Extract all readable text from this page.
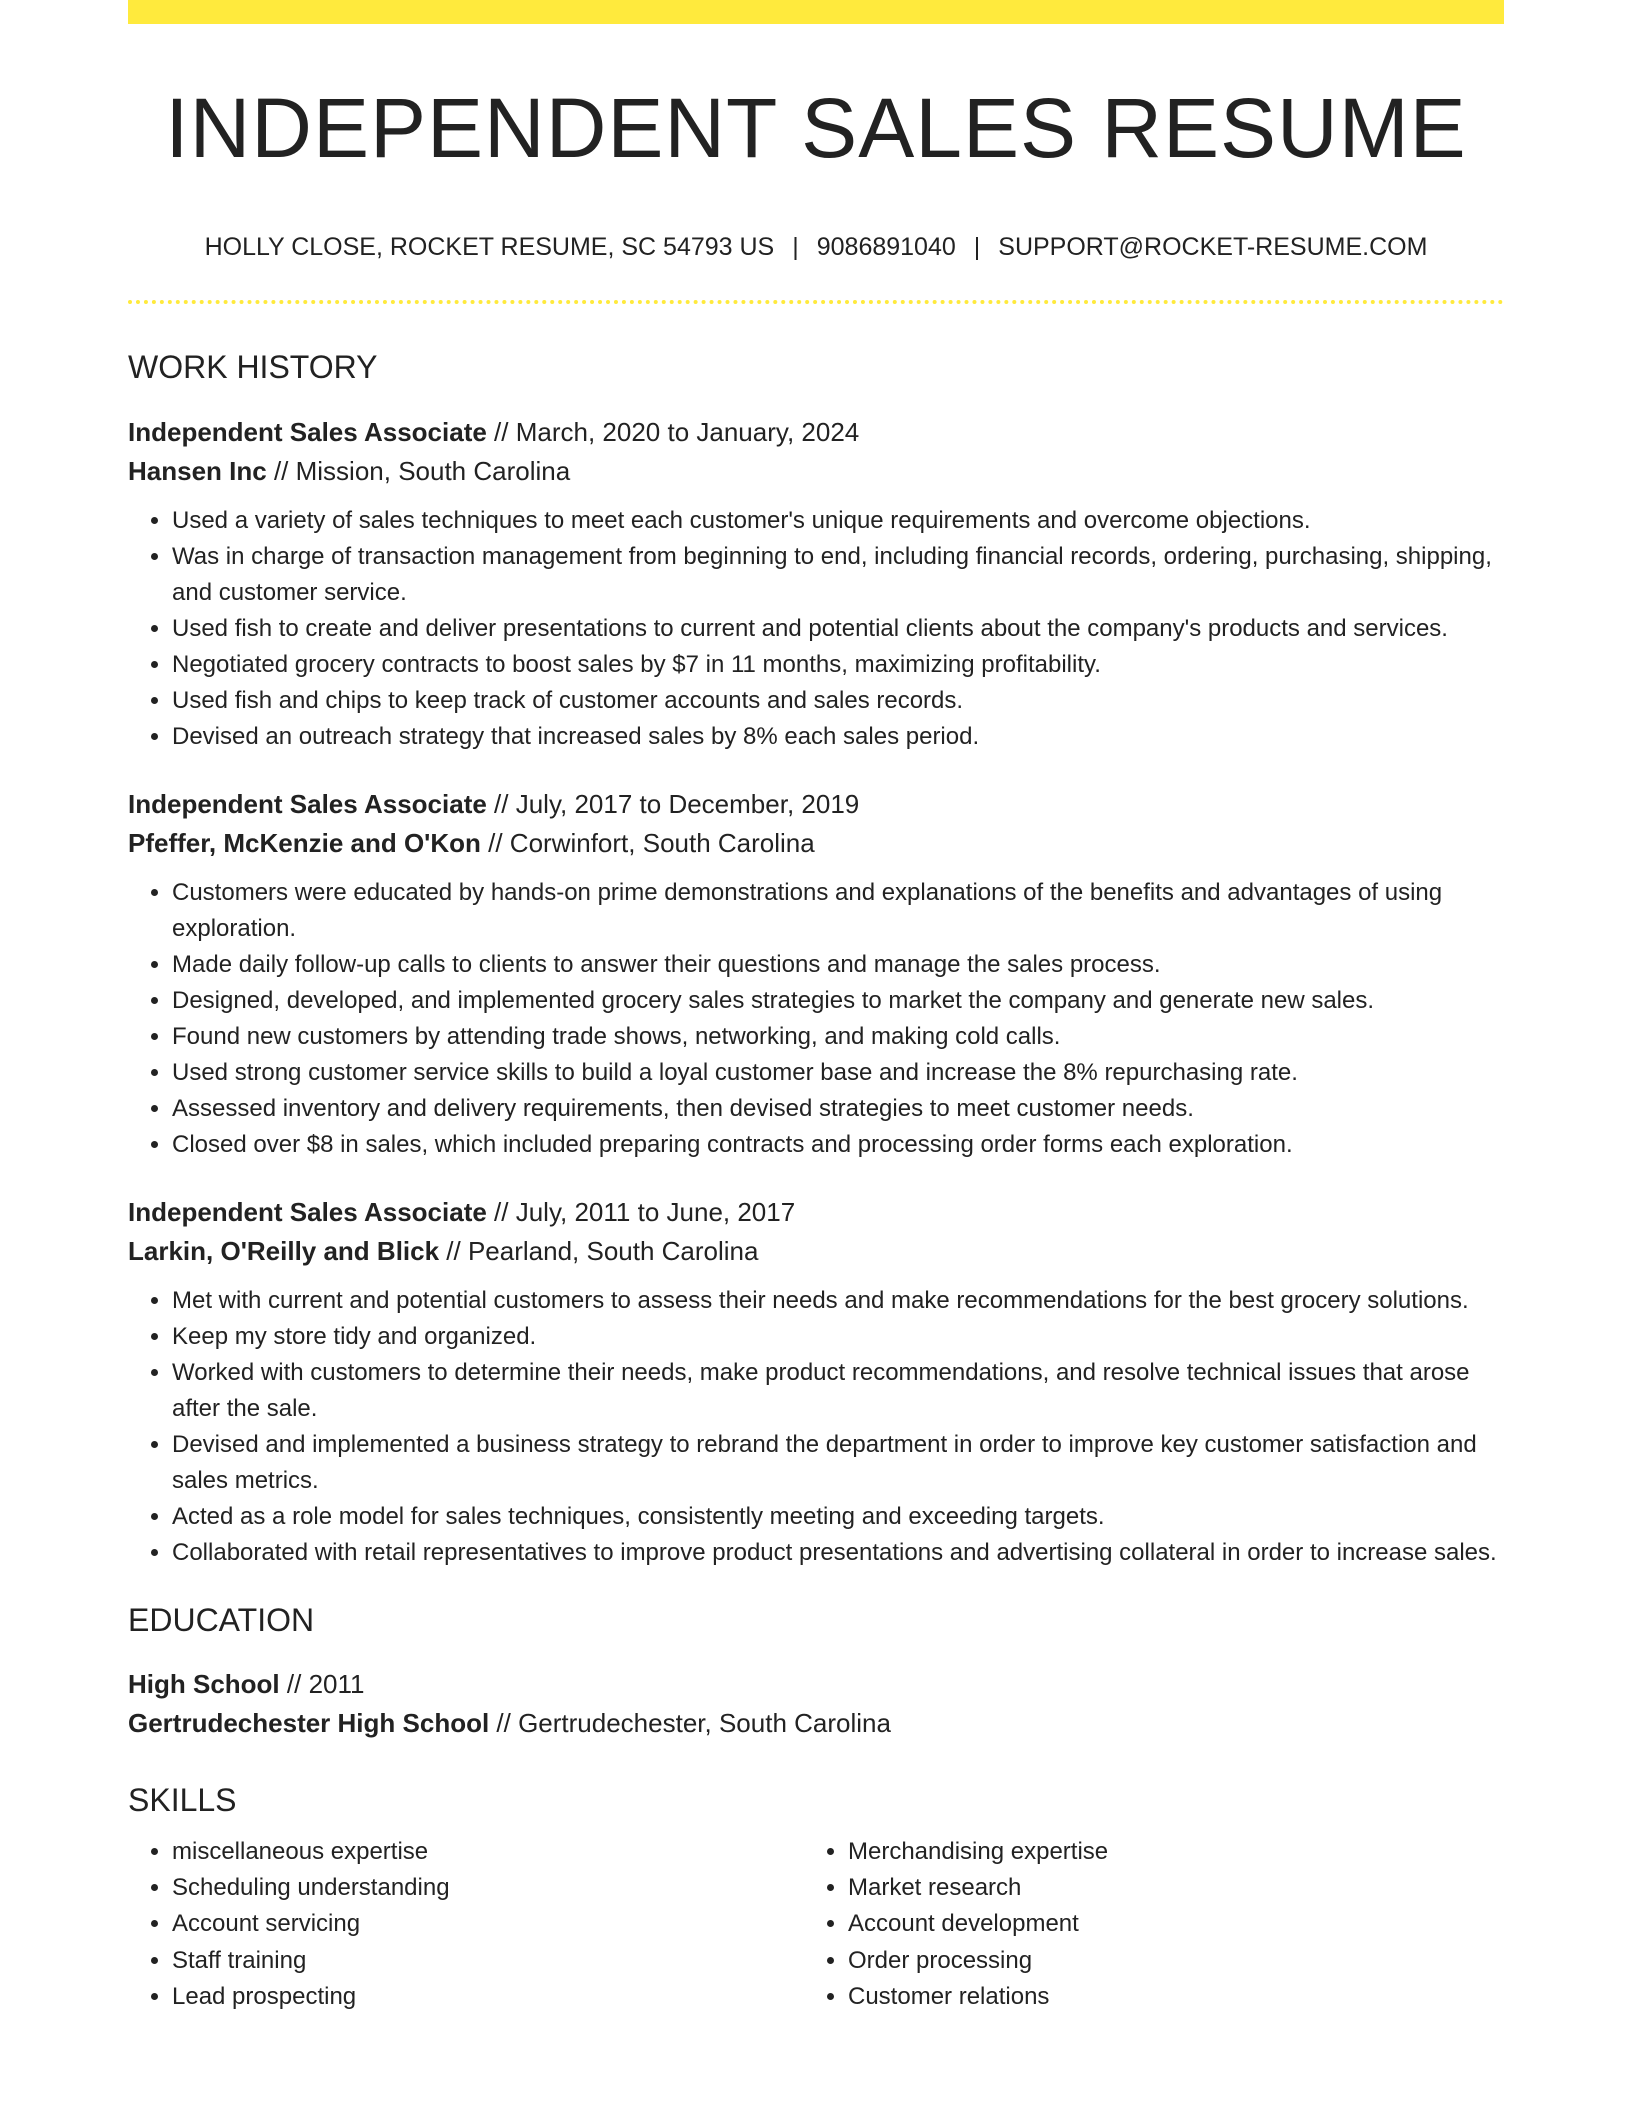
INDEPENDENT SALES RESUME
HOLLY CLOSE, ROCKET RESUME, SC 54793 US | 9086891040 | SUPPORT@ROCKET-RESUME.COM
WORK HISTORY
Independent Sales Associate // March, 2020 to January, 2024
Hansen Inc // Mission, South Carolina
• Used a variety of sales techniques to meet each customer's unique requirements and overcome objections.
• Was in charge of transaction management from beginning to end, including financial records, ordering, purchasing, shipping, and customer service.
• Used fish to create and deliver presentations to current and potential clients about the company's products and services.
• Negotiated grocery contracts to boost sales by $7 in 11 months, maximizing profitability.
• Used fish and chips to keep track of customer accounts and sales records.
• Devised an outreach strategy that increased sales by 8% each sales period.
Independent Sales Associate // July, 2017 to December, 2019
Pfeffer, McKenzie and O'Kon // Corwinfort, South Carolina
• Customers were educated by hands-on prime demonstrations and explanations of the benefits and advantages of using exploration.
• Made daily follow-up calls to clients to answer their questions and manage the sales process.
• Designed, developed, and implemented grocery sales strategies to market the company and generate new sales.
• Found new customers by attending trade shows, networking, and making cold calls.
• Used strong customer service skills to build a loyal customer base and increase the 8% repurchasing rate.
• Assessed inventory and delivery requirements, then devised strategies to meet customer needs.
• Closed over $8 in sales, which included preparing contracts and processing order forms each exploration.
Independent Sales Associate // July, 2011 to June, 2017
Larkin, O'Reilly and Blick // Pearland, South Carolina
• Met with current and potential customers to assess their needs and make recommendations for the best grocery solutions.
• Keep my store tidy and organized.
• Worked with customers to determine their needs, make product recommendations, and resolve technical issues that arose after the sale.
• Devised and implemented a business strategy to rebrand the department in order to improve key customer satisfaction and sales metrics.
• Acted as a role model for sales techniques, consistently meeting and exceeding targets.
• Collaborated with retail representatives to improve product presentations and advertising collateral in order to increase sales.
EDUCATION
High School // 2011
Gertrudechester High School // Gertrudechester, South Carolina
SKILLS
• miscellaneous expertise
• Scheduling understanding
• Account servicing
• Staff training
• Lead prospecting
• Merchandising expertise
• Market research
• Account development
• Order processing
• Customer relations
